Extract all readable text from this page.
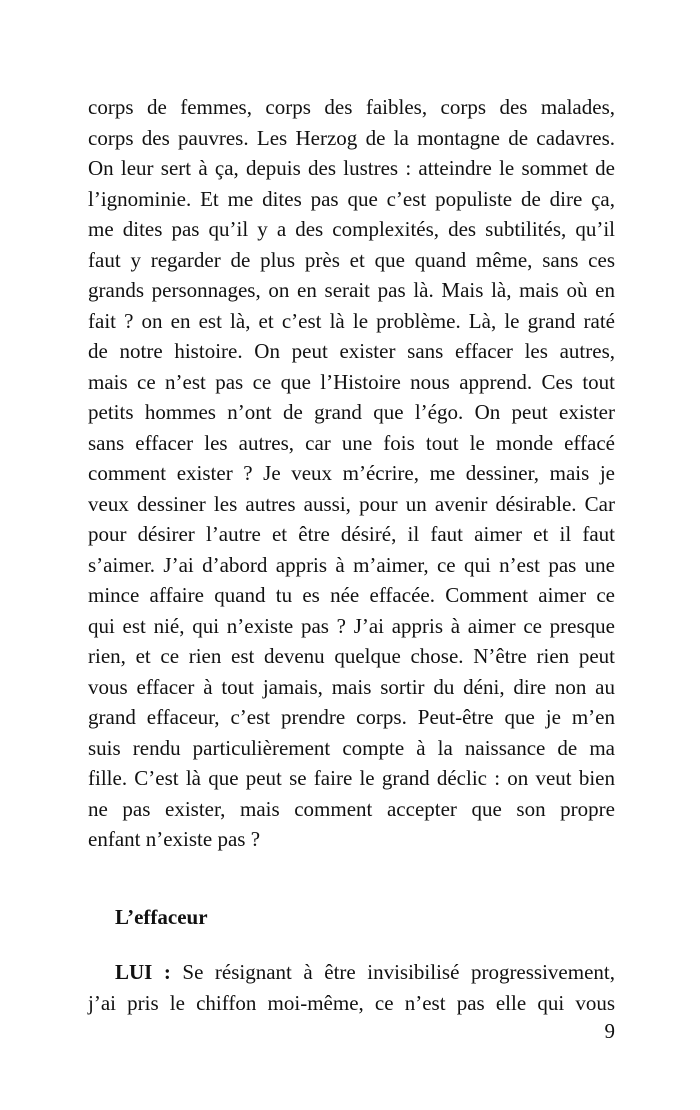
corps de femmes, corps des faibles, corps des malades,
corps des pauvres. Les Herzog de la montagne de cadavres.
On leur sert à ça, depuis des lustres : atteindre le sommet de
l’ignominie. Et me dites pas que c’est populiste de dire ça,
me dites pas qu’il y a des complexités, des subtilités, qu’il
faut y regarder de plus près et que quand même, sans ces
grands personnages, on en serait pas là. Mais là, mais où en
fait ? on en est là, et c’est là le problème. Là, le grand raté
de notre histoire. On peut exister sans effacer les autres,
mais ce n’est pas ce que l’Histoire nous apprend. Ces tout
petits hommes n’ont de grand que l’égo. On peut exister
sans effacer les autres, car une fois tout le monde effacé
comment exister ? Je veux m’écrire, me dessiner, mais je
veux dessiner les autres aussi, pour un avenir désirable. Car
pour désirer l’autre et être désiré, il faut aimer et il faut
s’aimer. J’ai d’abord appris à m’aimer, ce qui n’est pas une
mince affaire quand tu es née effacée. Comment aimer ce
qui est nié, qui n’existe pas ? J’ai appris à aimer ce presque
rien, et ce rien est devenu quelque chose. N’être rien peut
vous effacer à tout jamais, mais sortir du déni, dire non au
grand effaceur, c’est prendre corps. Peut-être que je m’en
suis rendu particulièrement compte à la naissance de ma
fille. C’est là que peut se faire le grand déclic : on veut bien
ne pas exister, mais comment accepter que son propre
enfant n’existe pas ?
L’effaceur
LUI : Se résignant à être invisibilisé progressivement,
j’ai pris le chiffon moi-même, ce n’est pas elle qui vous
9
